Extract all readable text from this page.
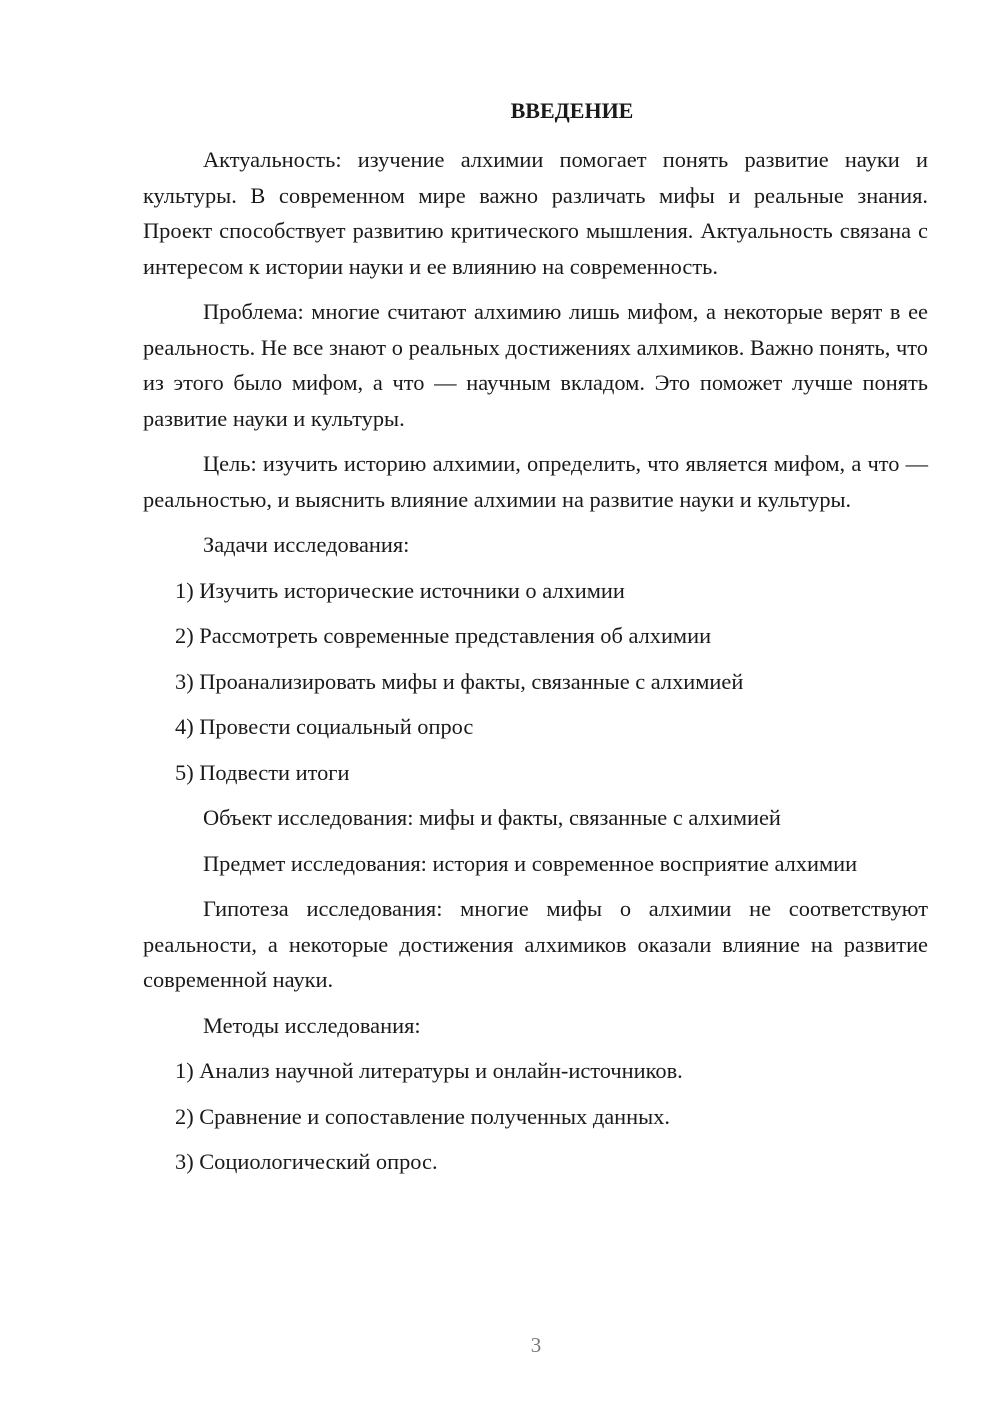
ВВЕДЕНИЕ

Актуальность: изучение алхимии помогает понять развитие науки и культуры. В современном мире важно различать мифы и реальные знания. Проект способствует развитию критического мышления. Актуальность связана с интересом к истории науки и ее влиянию на современность.

Проблема: многие считают алхимию лишь мифом, а некоторые верят в ее реальность. Не все знают о реальных достижениях алхимиков. Важно понять, что из этого было мифом, а что — научным вкладом. Это поможет лучше понять развитие науки и культуры.

Цель: изучить историю алхимии, определить, что является мифом, а что — реальностью, и выяснить влияние алхимии на развитие науки и культуры.

Задачи исследования:

1) Изучить исторические источники о алхимии

2) Рассмотреть современные представления об алхимии

3) Проанализировать мифы и факты, связанные с алхимией

4) Провести социальный опрос

5) Подвести итоги

Объект исследования: мифы и факты, связанные с алхимией

Предмет исследования: история и современное восприятие алхимии

Гипотеза исследования: многие мифы о алхимии не соответствуют реальности, а некоторые достижения алхимиков оказали влияние на развитие современной науки.

Методы исследования:

1) Анализ научной литературы и онлайн-источников.

2) Сравнение и сопоставление полученных данных.

3) Социологический опрос.

3
